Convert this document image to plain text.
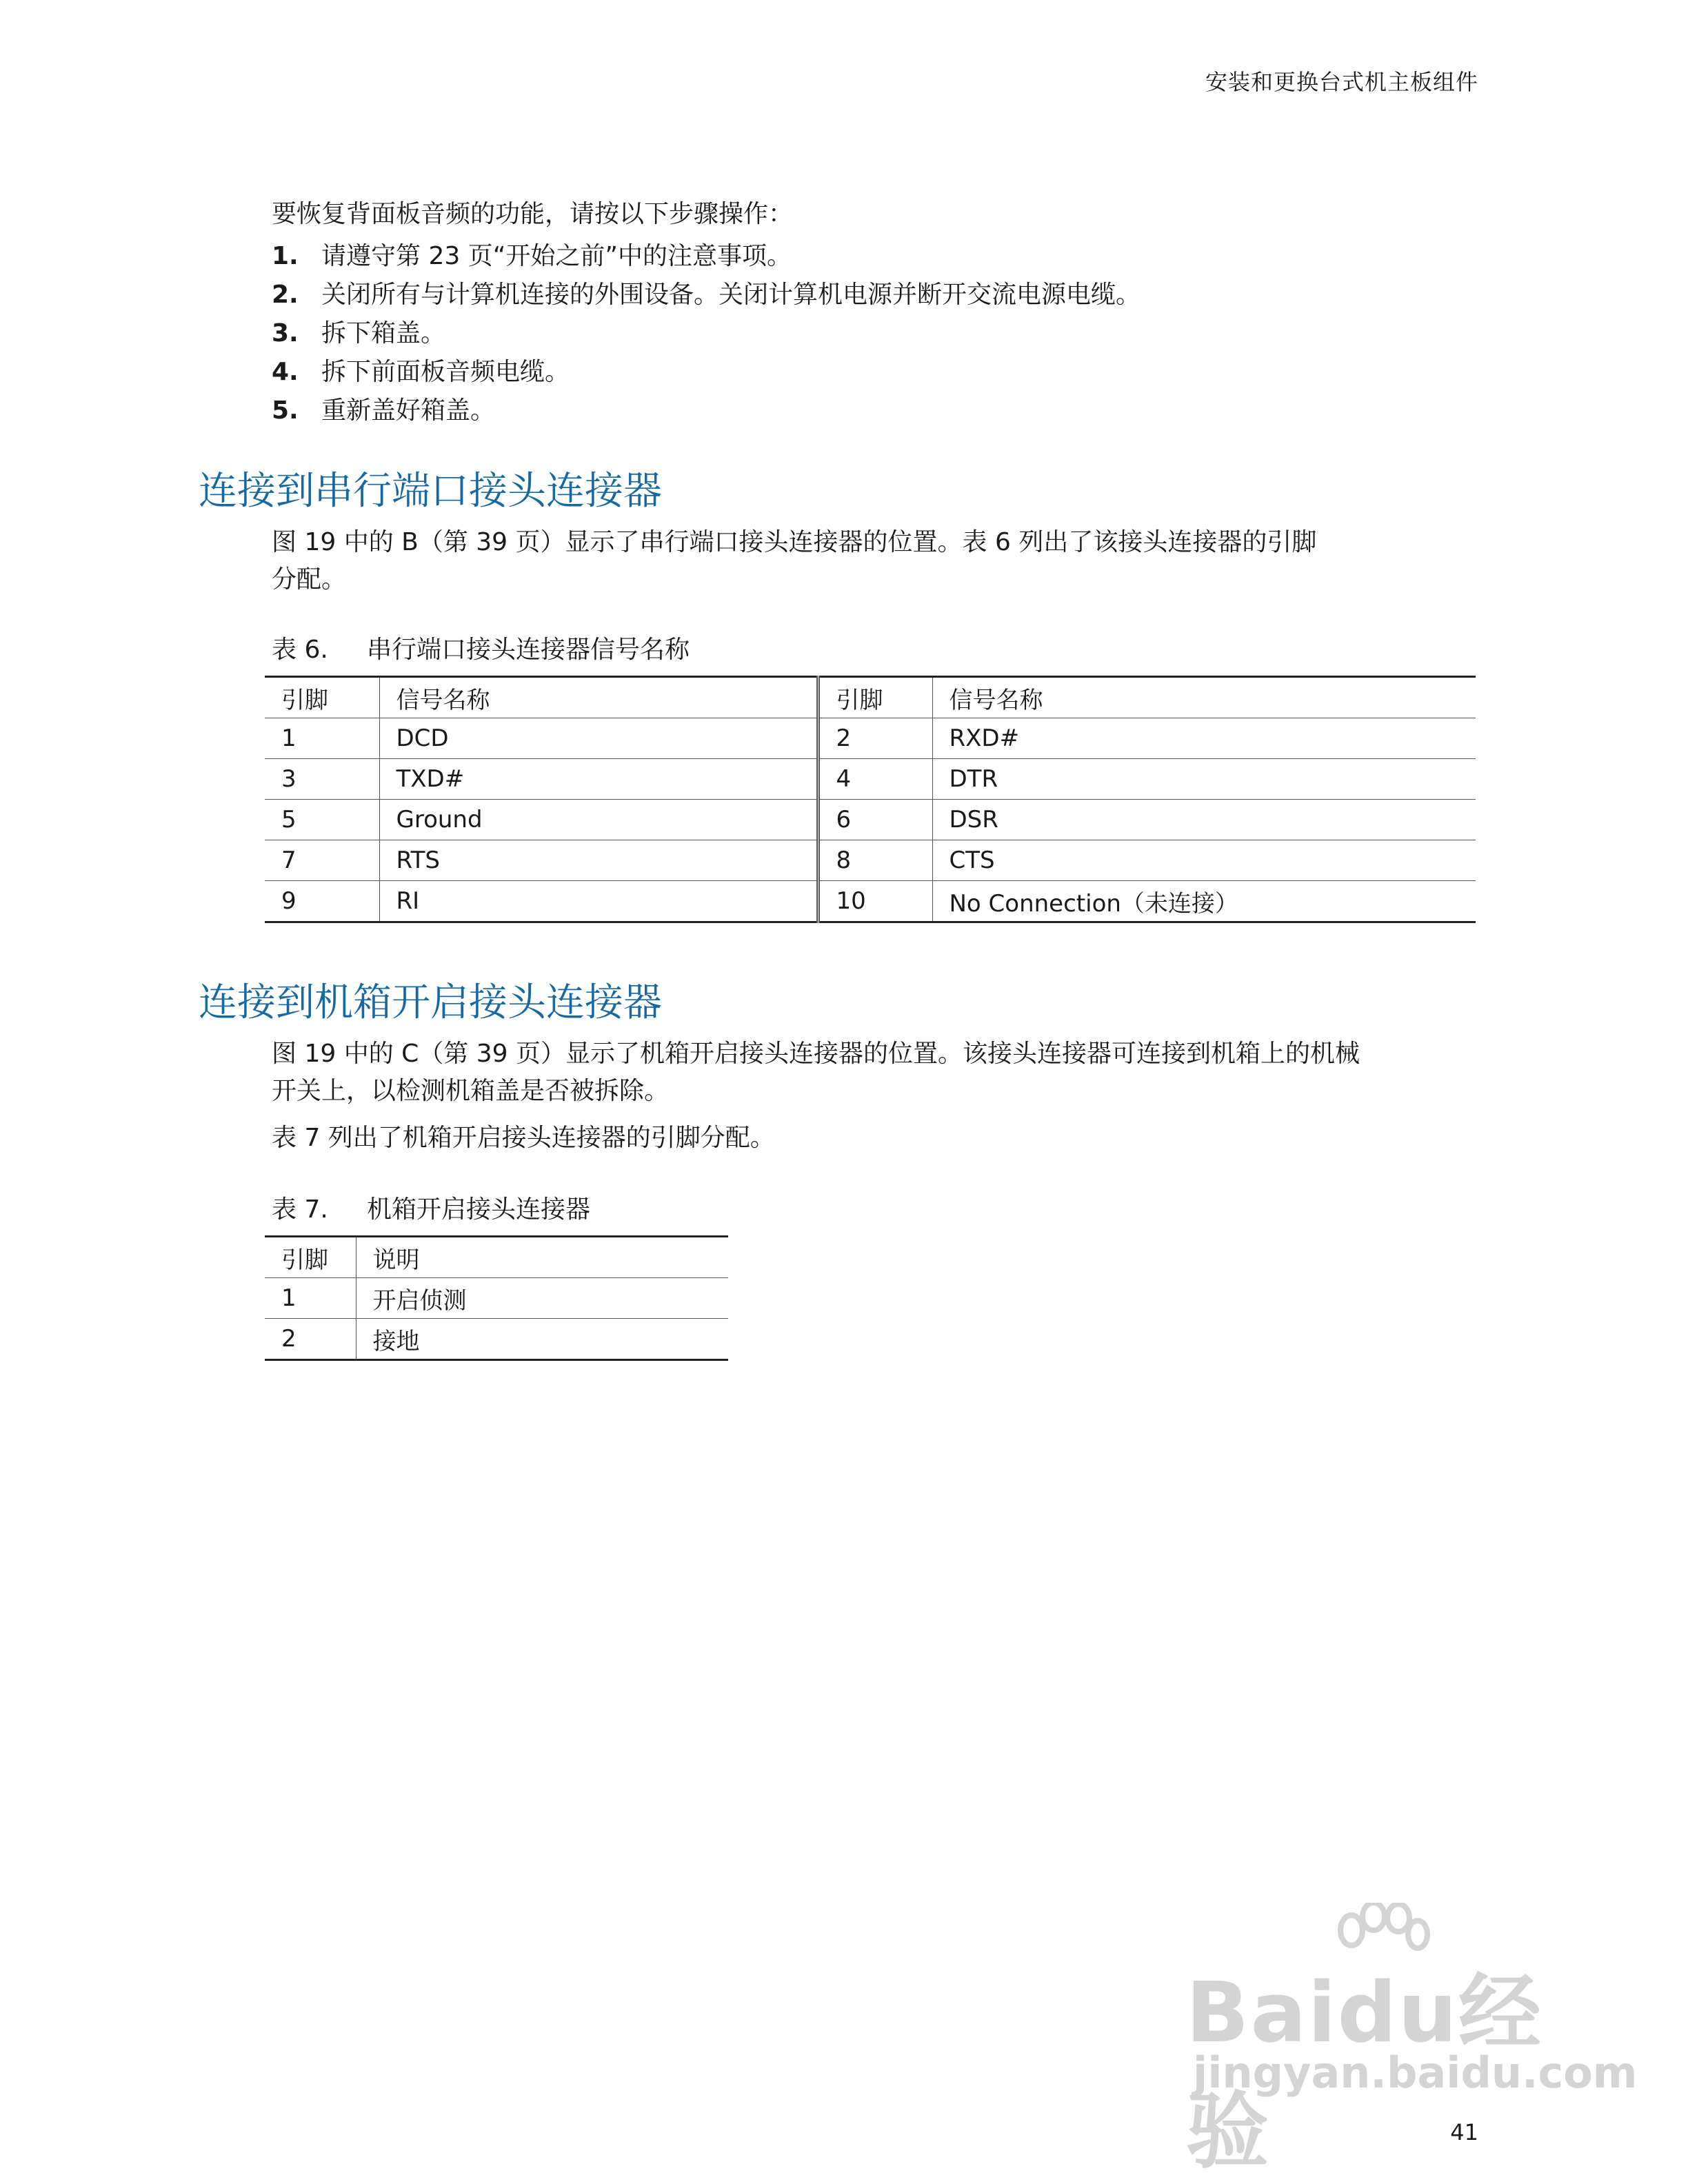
安装和更换台式机主板组件

要恢复背面板音频的功能，请按以下步骤操作：

1. 请遵守第 23 页“开始之前”中的注意事项。
2. 关闭所有与计算机连接的外围设备。关闭计算机电源并断开交流电源电缆。
3. 拆下箱盖。
4. 拆下前面板音频电缆。
5. 重新盖好箱盖。
连接到串行端口接头连接器

图 19 中的 B（第 39 页）显示了串行端口接头连接器的位置。表 6 列出了该接头连接器的引脚

分配。

表 6. 串行端口接头连接器信号名称
引脚	信号名称	引脚	信号名称
1	DCD	2	RXD#
3	TXD#	4	DTR
5	Ground	6	DSR
7	RTS	8	CTS
9	RI	10	No Connection（未连接）
连接到机箱开启接头连接器

图 19 中的 C（第 39 页）显示了机箱开启接头连接器的位置。该接头连接器可连接到机箱上的机械

开关上，以检测机箱盖是否被拆除。

表 7 列出了机箱开启接头连接器的引脚分配。

表 7. 机箱开启接头连接器
引脚	说明
1	开启侦测
2	接地
Baidu经验
jingyan.baidu.com
41
